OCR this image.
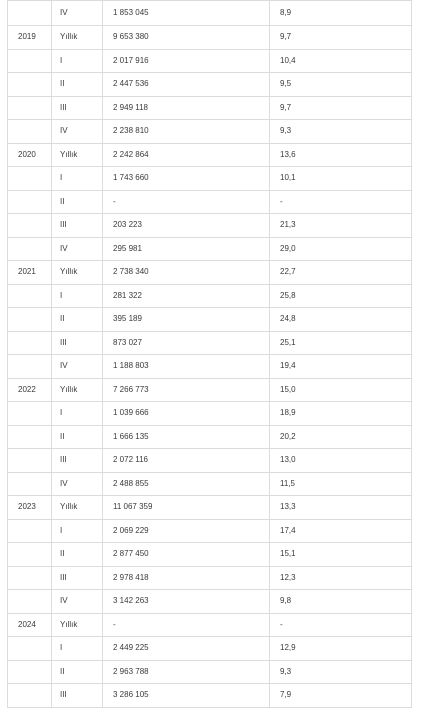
	IV	1 853 045	8,9
2019	Yıllık	9 653 380	9,7
	I	2 017 916	10,4
	II	2 447 536	9,5
	III	2 949 118	9,7
	IV	2 238 810	9,3
2020	Yıllık	2 242 864	13,6
	I	1 743 660	10,1
	II	-	-
	III	203 223	21,3
	IV	295 981	29,0
2021	Yıllık	2 738 340	22,7
	I	281 322	25,8
	II	395 189	24,8
	III	873 027	25,1
	IV	1 188 803	19,4
2022	Yıllık	7 266 773	15,0
	I	1 039 666	18,9
	II	1 666 135	20,2
	III	2 072 116	13,0
	IV	2 488 855	11,5
2023	Yıllık	11 067 359	13,3
	I	2 069 229	17,4
	II	2 877 450	15,1
	III	2 978 418	12,3
	IV	3 142 263	9,8
2024	Yıllık	-	-
	I	2 449 225	12,9
	II	2 963 788	9,3
	III	3 286 105	7,9
